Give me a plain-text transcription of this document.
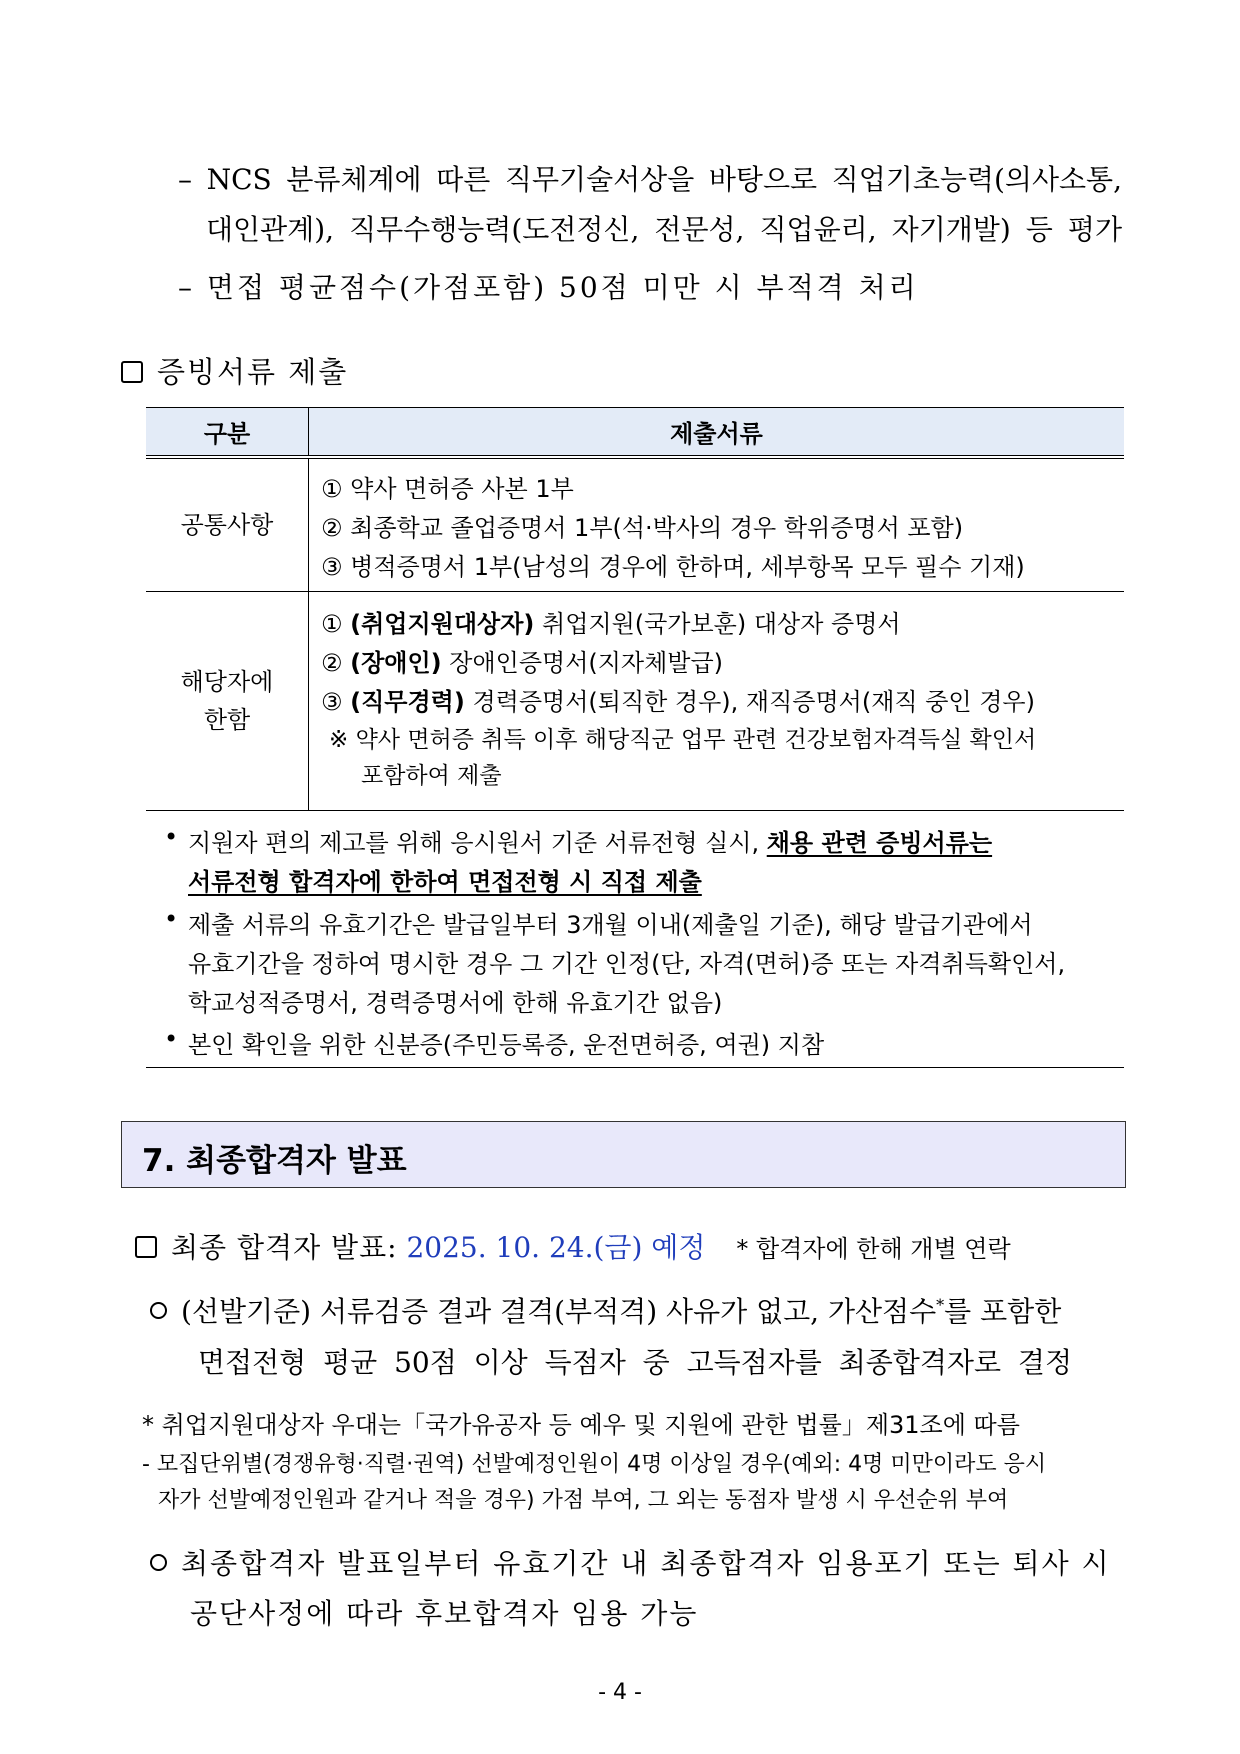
– NCS 분류체계에 따른 직무기술서상을 바탕으로 직업기초능력(의사소통,
대인관계), 직무수행능력(도전정신, 전문성, 직업윤리, 자기개발) 등 평가
– 면접 평균점수(가점포함) 50점 미만 시 부적격 처리
증빙서류 제출
구분	제출서류
공통사항
① 약사 면허증 사본 1부
② 최종학교 졸업증명서 1부(석·박사의 경우 학위증명서 포함)
③ 병적증명서 1부(남성의 경우에 한하며, 세부항목 모두 필수 기재)
해당자에
한함
① (취업지원대상자) 취업지원(국가보훈) 대상자 증명서
② (장애인) 장애인증명서(지자체발급)
③ (직무경력) 경력증명서(퇴직한 경우), 재직증명서(재직 중인 경우)
※ 약사 면허증 취득 이후 해당직군 업무 관련 건강보험자격득실 확인서
포함하여 제출
• 지원자 편의 제고를 위해 응시원서 기준 서류전형 실시, 채용 관련 증빙서류는
서류전형 합격자에 한하여 면접전형 시 직접 제출
• 제출 서류의 유효기간은 발급일부터 3개월 이내(제출일 기준), 해당 발급기관에서
유효기간을 정하여 명시한 경우 그 기간 인정(단, 자격(면허)증 또는 자격취득확인서,
학교성적증명서, 경력증명서에 한해 유효기간 없음)
• 본인 확인을 위한 신분증(주민등록증, 운전면허증, 여권) 지참
7. 최종합격자 발표
최종 합격자 발표: 2025. 10. 24.(금) 예정 * 합격자에 한해 개별 연락
(선발기준) 서류검증 결과 결격(부적격) 사유가 없고, 가산점수*를 포함한
면접전형 평균 50점 이상 득점자 중 고득점자를 최종합격자로 결정
* 취업지원대상자 우대는「국가유공자 등 예우 및 지원에 관한 법률」제31조에 따름
- 모집단위별(경쟁유형·직렬·권역) 선발예정인원이 4명 이상일 경우(예외: 4명 미만이라도 응시
자가 선발예정인원과 같거나 적을 경우) 가점 부여, 그 외는 동점자 발생 시 우선순위 부여
최종합격자 발표일부터 유효기간 내 최종합격자 임용포기 또는 퇴사 시
공단사정에 따라 후보합격자 임용 가능
- 4 -
